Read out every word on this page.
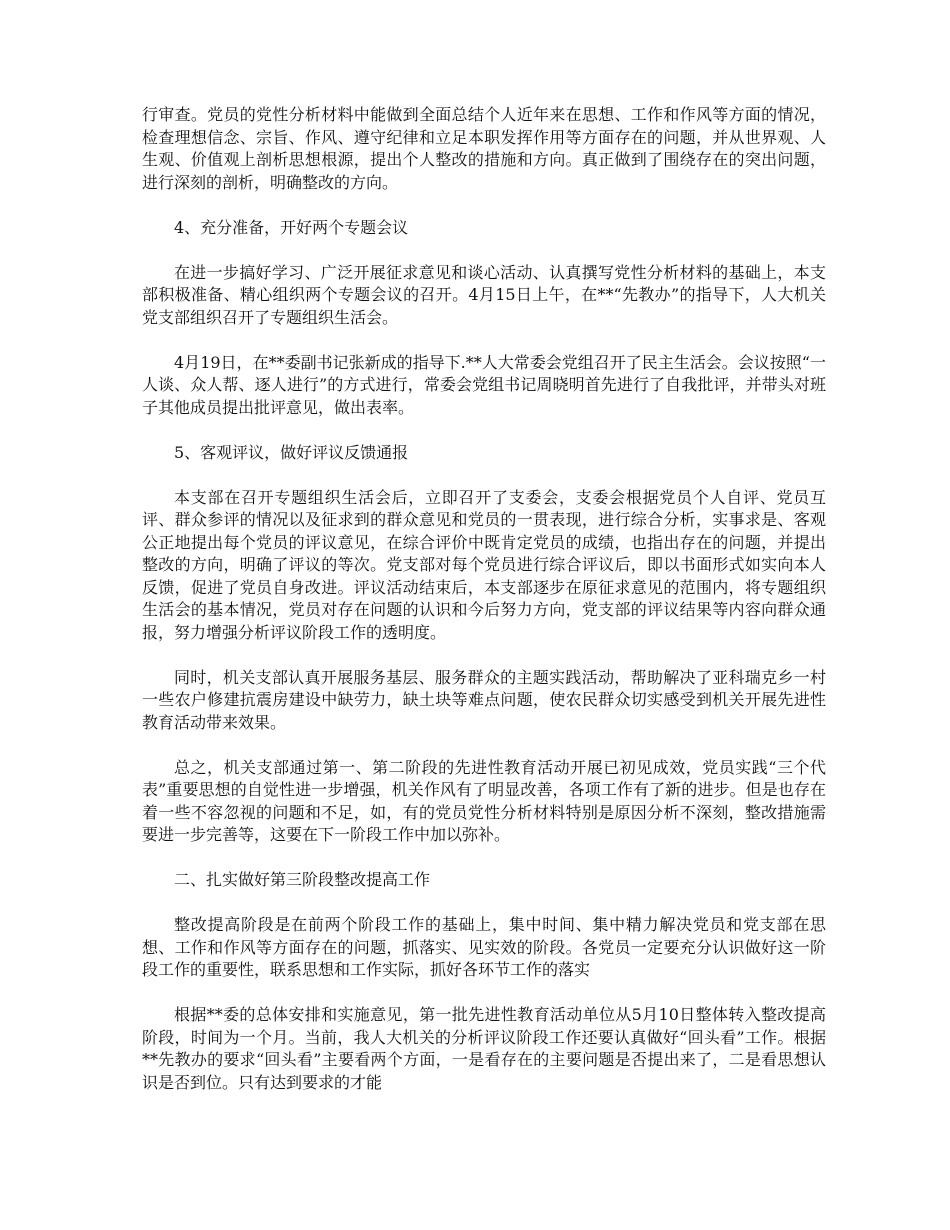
行审查。党员的党性分析材料中能做到全面总结个人近年来在思想、工作和作风等方面的情况，检查理想信念、宗旨、作风、遵守纪律和立足本职发挥作用等方面存在的问题，并从世界观、人生观、价值观上剖析思想根源，提出个人整改的措施和方向。真正做到了围绕存在的突出问题，进行深刻的剖析，明确整改的方向。

4、充分准备，开好两个专题会议

在进一步搞好学习、广泛开展征求意见和谈心活动、认真撰写党性分析材料的基础上，本支部积极准备、精心组织两个专题会议的召开。4月15日上午，在**“先教办”的指导下，人大机关党支部组织召开了专题组织生活会。

4月19日，在**委副书记张新成的指导下.**人大常委会党组召开了民主生活会。会议按照“一人谈、众人帮、逐人进行”的方式进行，常委会党组书记周晓明首先进行了自我批评，并带头对班子其他成员提出批评意见，做出表率。

5、客观评议，做好评议反馈通报

本支部在召开专题组织生活会后，立即召开了支委会，支委会根据党员个人自评、党员互评、群众参评的情况以及征求到的群众意见和党员的一贯表现，进行综合分析，实事求是、客观公正地提出每个党员的评议意见，在综合评价中既肯定党员的成绩，也指出存在的问题，并提出整改的方向，明确了评议的等次。党支部对每个党员进行综合评议后，即以书面形式如实向本人反馈，促进了党员自身改进。评议活动结束后，本支部逐步在原征求意见的范围内，将专题组织生活会的基本情况，党员对存在问题的认识和今后努力方向，党支部的评议结果等内容向群众通报，努力增强分析评议阶段工作的透明度。

同时，机关支部认真开展服务基层、服务群众的主题实践活动，帮助解决了亚科瑞克乡一村一些农户修建抗震房建设中缺劳力，缺土块等难点问题，使农民群众切实感受到机关开展先进性教育活动带来效果。

总之，机关支部通过第一、第二阶段的先进性教育活动开展已初见成效，党员实践“三个代表”重要思想的自觉性进一步增强，机关作风有了明显改善，各项工作有了新的进步。但是也存在着一些不容忽视的问题和不足，如，有的党员党性分析材料特别是原因分析不深刻，整改措施需要进一步完善等，这要在下一阶段工作中加以弥补。

二、扎实做好第三阶段整改提高工作

整改提高阶段是在前两个阶段工作的基础上，集中时间、集中精力解决党员和党支部在思想、工作和作风等方面存在的问题，抓落实、见实效的阶段。各党员一定要充分认识做好这一阶段工作的重要性，联系思想和工作实际，抓好各环节工作的落实

根据**委的总体安排和实施意见，第一批先进性教育活动单位从5月10日整体转入整改提高阶段，时间为一个月。当前，我人大机关的分析评议阶段工作还要认真做好“回头看”工作。根据**先教办的要求“回头看”主要看两个方面，一是看存在的主要问题是否提出来了，二是看思想认识是否到位。只有达到要求的才能
